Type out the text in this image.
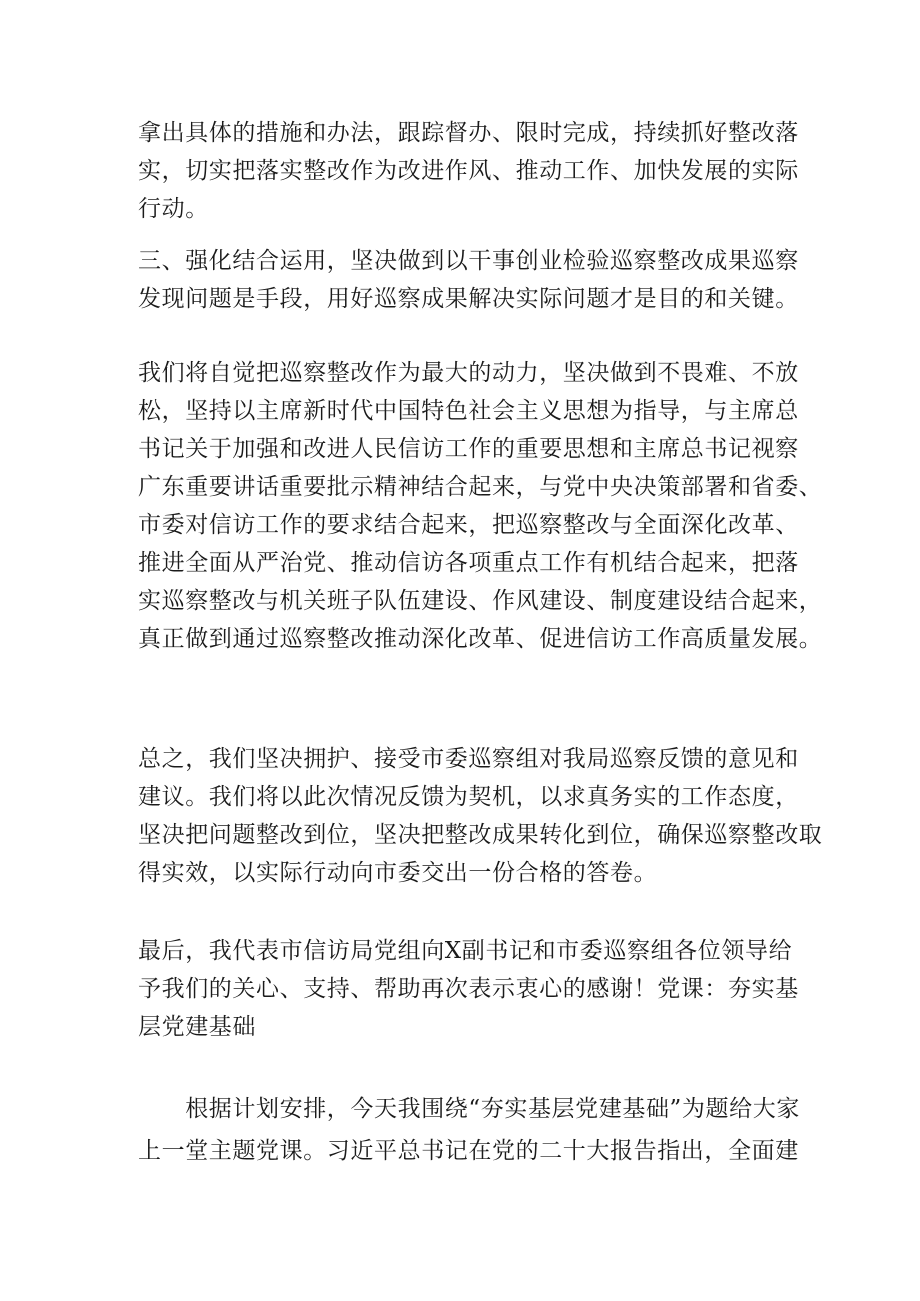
拿出具体的措施和办法，跟踪督办、限时完成，持续抓好整改落
实，切实把落实整改作为改进作风、推动工作、加快发展的实际
行动。
三、强化结合运用，坚决做到以干事创业检验巡察整改成果巡察
发现问题是手段，用好巡察成果解决实际问题才是目的和关键。
我们将自觉把巡察整改作为最大的动力，坚决做到不畏难、不放
松，坚持以主席新时代中国特色社会主义思想为指导，与主席总
书记关于加强和改进人民信访工作的重要思想和主席总书记视察
广东重要讲话重要批示精神结合起来，与党中央决策部署和省委、
市委对信访工作的要求结合起来，把巡察整改与全面深化改革、
推进全面从严治党、推动信访各项重点工作有机结合起来，把落
实巡察整改与机关班子队伍建设、作风建设、制度建设结合起来，
真正做到通过巡察整改推动深化改革、促进信访工作高质量发展。
总之，我们坚决拥护、接受市委巡察组对我局巡察反馈的意见和
建议。我们将以此次情况反馈为契机，以求真务实的工作态度，
坚决把问题整改到位，坚决把整改成果转化到位，确保巡察整改取
得实效，以实际行动向市委交出一份合格的答卷。
最后，我代表市信访局党组向X副书记和市委巡察组各位领导给
予我们的关心、支持、帮助再次表示衷心的感谢！党课：夯实基
层党建基础
　　根据计划安排，今天我围绕“夯实基层党建基础”为题给大家
上一堂主题党课。习近平总书记在党的二十大报告指出，全面建
